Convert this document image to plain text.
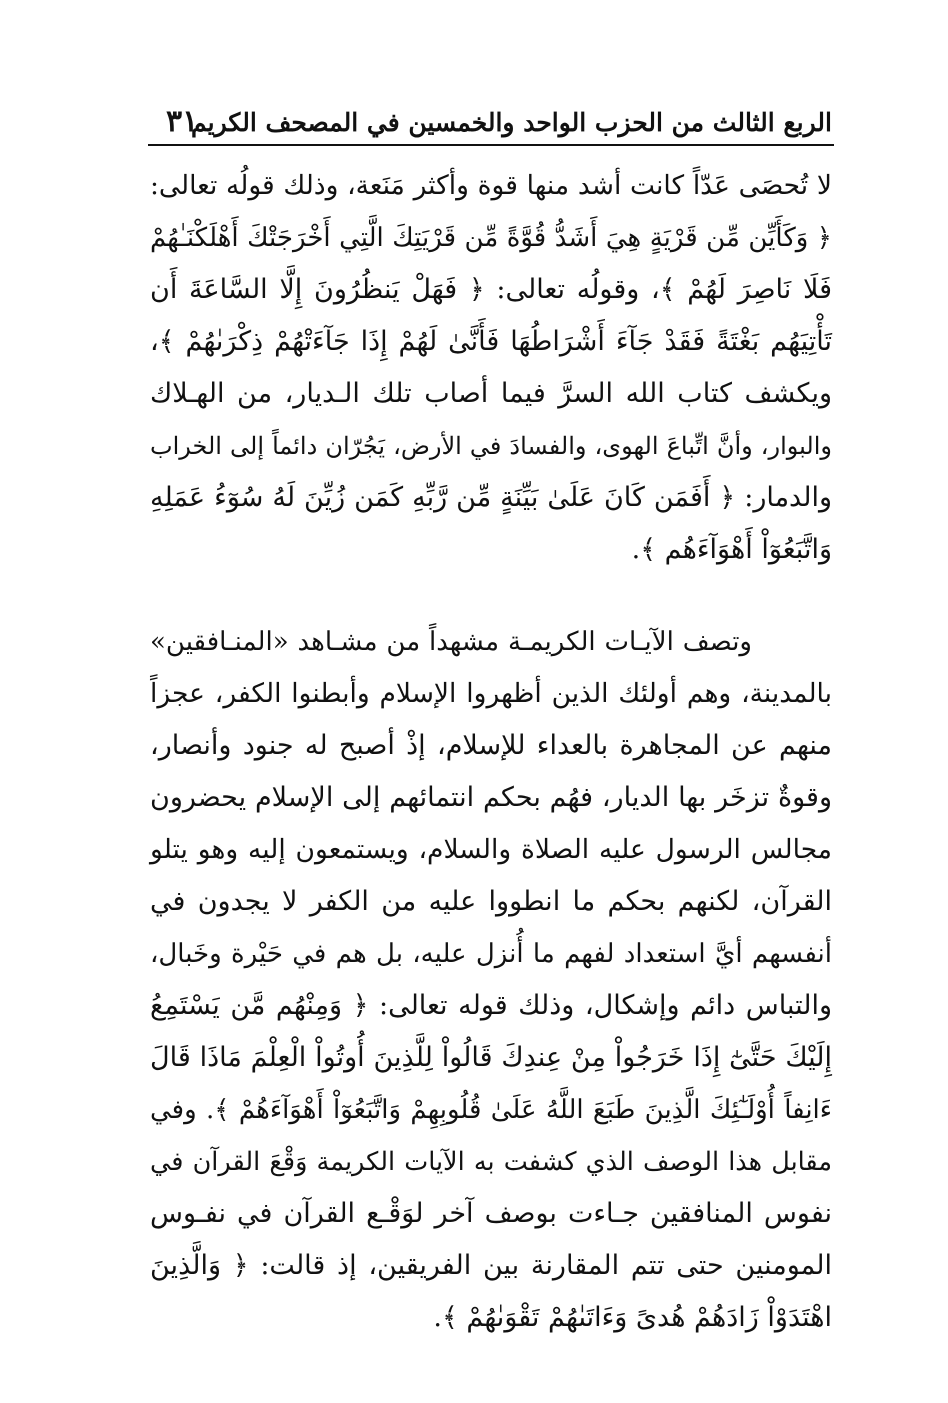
الربع الثالث من الحزب الواحد والخمسين في المصحف الكريم
٣١
لا تُحصَى عَدّاً كانت أشد منها قوة وأكثر مَنَعة، وذلك قولُه تعالى:
﴿ وَكَأَيِّن مِّن قَرْيَةٍ هِيَ أَشَدُّ قُوَّةً مِّن قَرْيَتِكَ الَّتِي أَخْرَجَتْكَ أَهْلَكْنَـٰهُمْ
فَلَا نَاصِرَ لَهُمْ ﴾، وقولُه تعالى: ﴿ فَهَلْ يَنظُرُونَ إِلَّا السَّاعَةَ أَن
تَأْتِيَهُم بَغْتَةً فَقَدْ جَآءَ أَشْرَاطُهَا فَأَنَّىٰ لَهُمْ إِذَا جَآءَتْهُمْ ذِكْرَىٰهُمْ ﴾،
ويكشف كتاب الله السرَّ فيما أصاب تلك الـديار، من الهـلاك
والبوار، وأنَّ اتِّباعَ الهوى، والفسادَ في الأرض، يَجُرّان دائماً إلى الخراب
والدمار: ﴿ أَفَمَن كَانَ عَلَىٰ بَيِّنَةٍ مِّن رَّبِّهِ كَمَن زُيِّنَ لَهُ سُوٓءُ عَمَلِهِ
وَاتَّبَعُوٓاْ أَهْوَآءَهُم ﴾.
وتصف الآيـات الكريمـة مشهداً من مشـاهد «المنـافقين»
بالمدينة، وهم أولئك الذين أظهروا الإسلام وأبطنوا الكفر، عجزاً
منهم عن المجاهرة بالعداء للإسلام، إذْ أصبح له جنود وأنصار،
وقوةٌ تزخَر بها الديار، فهُم بحكم انتمائهم إلى الإسلام يحضرون
مجالس الرسول عليه الصلاة والسلام، ويستمعون إليه وهو يتلو
القرآن، لكنهم بحكم ما انطووا عليه من الكفر لا يجدون في
أنفسهم أيَّ استعداد لفهم ما أُنزل عليه، بل هم في حَيْرة وخَبال،
والتباس دائم وإشكال، وذلك قوله تعالى: ﴿ وَمِنْهُم مَّن يَسْتَمِعُ
إِلَيْكَ حَتَّىٰٓ إِذَا خَرَجُواْ مِنْ عِندِكَ قَالُواْ لِلَّذِينَ أُوتُواْ الْعِلْمَ مَاذَا قَالَ
ءَانِفاً أُوْلَـٰٓئِكَ الَّذِينَ طَبَعَ اللَّهُ عَلَىٰ قُلُوبِهِمْ وَاتَّبَعُوٓاْ أَهْوَآءَهُمْ ﴾. وفي
مقابل هذا الوصف الذي كشفت به الآيات الكريمة وَقْعَ القرآن في
نفوس المنافقين جـاءت بوصف آخر لوَقْـع القرآن في نفـوس
المومنين حتى تتم المقارنة بين الفريقين، إذ قالت: ﴿ وَالَّذِينَ
اهْتَدَوْاْ زَادَهُمْ هُدىً وَءَاتَىٰهُمْ تَقْوَىٰهُمْ ﴾.
